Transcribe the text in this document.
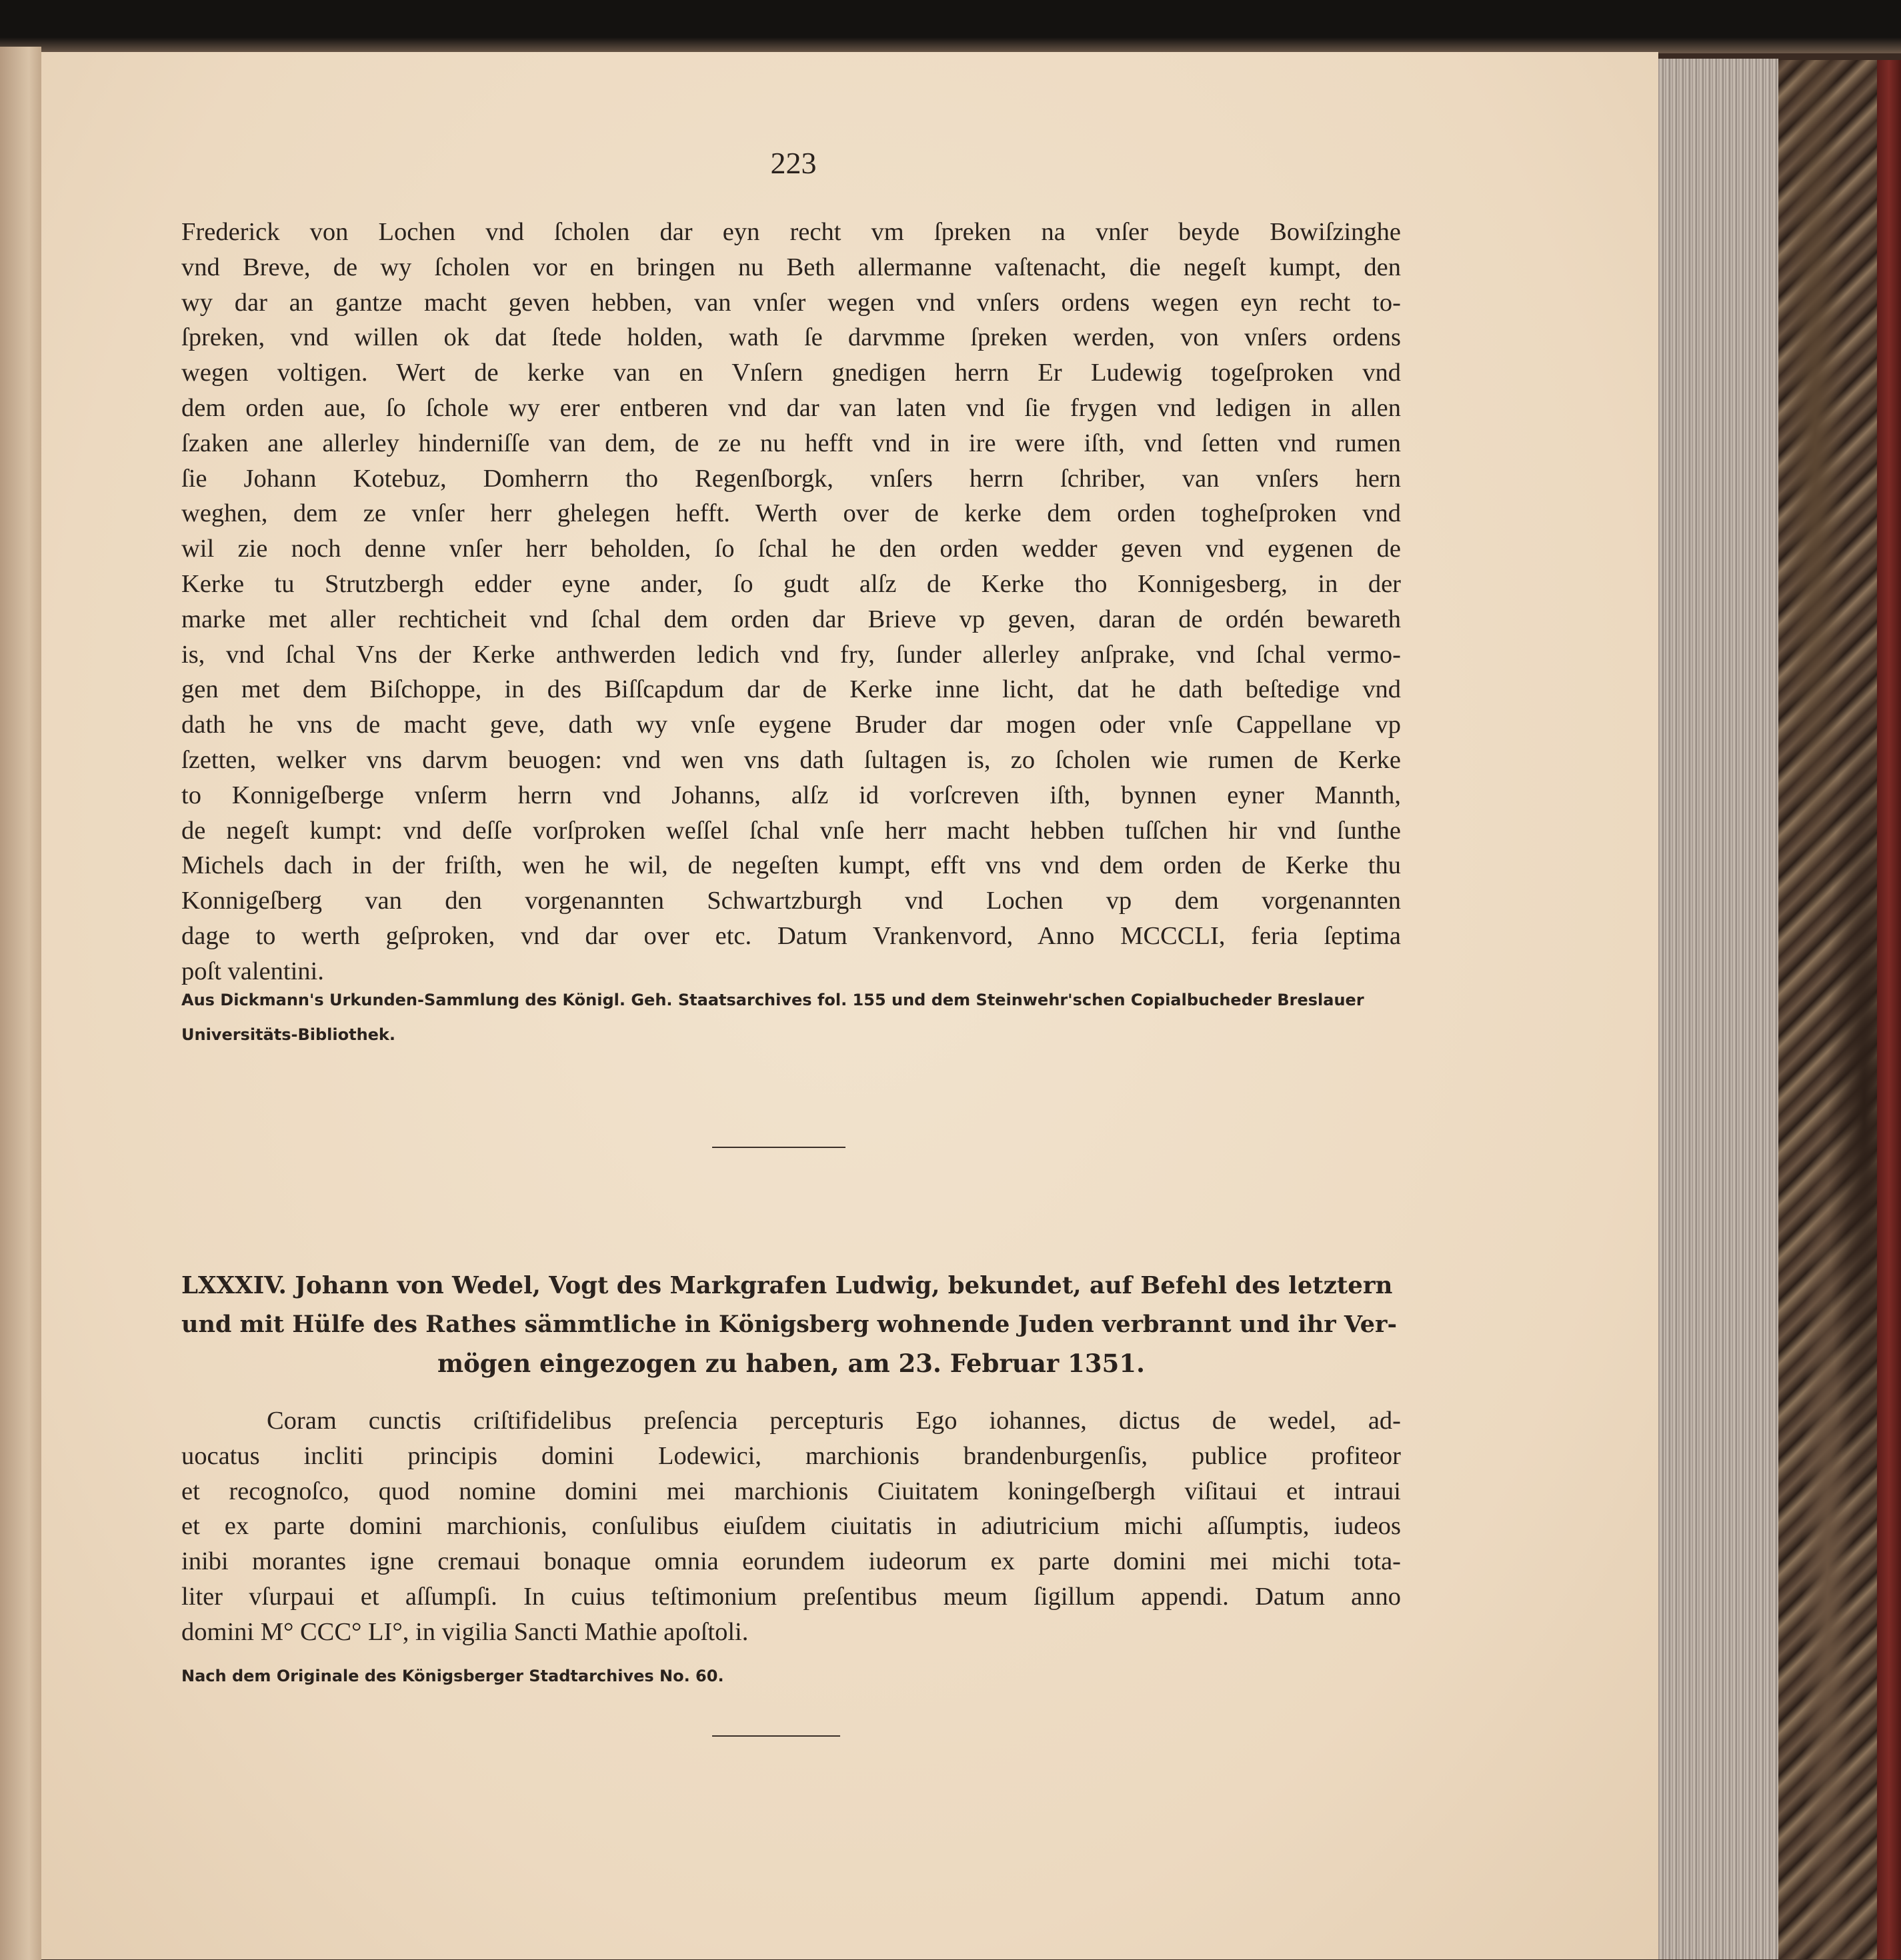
223
Frederick von Lochen vnd ſcholen dar eyn recht vm ſpreken na vnſer beyde Bowiſzinghe
vnd Breve, de wy ſcholen vor en bringen nu Beth allermanne vaſtenacht, die negeſt kumpt, den
wy dar an gantze macht geven hebben, van vnſer wegen vnd vnſers ordens wegen eyn recht to-
ſpreken, vnd willen ok dat ſtede holden, wath ſe darvmme ſpreken werden, von vnſers ordens
wegen voltigen. Wert de kerke van en Vnſern gnedigen herrn Er Ludewig togeſproken vnd
dem orden aue, ſo ſchole wy erer entberen vnd dar van laten vnd ſie frygen vnd ledigen in allen
ſzaken ane allerley hinderniſſe van dem, de ze nu hefft vnd in ire were iſth, vnd ſetten vnd rumen
ſie Johann Kotebuz, Domherrn tho Regenſborgk, vnſers herrn ſchriber, van vnſers hern
weghen, dem ze vnſer herr ghelegen hefft. Werth over de kerke dem orden togheſproken vnd
wil zie noch denne vnſer herr beholden, ſo ſchal he den orden wedder geven vnd eygenen de
Kerke tu Strutzbergh edder eyne ander, ſo gudt alſz de Kerke tho Konnigesberg, in der
marke met aller rechticheit vnd ſchal dem orden dar Brieve vp geven, daran de ordén bewareth
is, vnd ſchal Vns der Kerke anthwerden ledich vnd fry, ſunder allerley anſprake, vnd ſchal vermo-
gen met dem Biſchoppe, in des Biſſcapdum dar de Kerke inne licht, dat he dath beſtedige vnd
dath he vns de macht geve, dath wy vnſe eygene Bruder dar mogen oder vnſe Cappellane vp
ſzetten, welker vns darvm beuogen: vnd wen vns dath ſultagen is, zo ſcholen wie rumen de Kerke
to Konnigeſberge vnſerm herrn vnd Johanns, alſz id vorſcreven iſth, bynnen eyner Mannth,
de negeſt kumpt: vnd deſſe vorſproken weſſel ſchal vnſe herr macht hebben tuſſchen hir vnd ſunthe
Michels dach in der friſth, wen he wil, de negeſten kumpt, efft vns vnd dem orden de Kerke thu
Konnigeſberg van den vorgenannten Schwartzburgh vnd Lochen vp dem vorgenannten
dage to werth geſproken, vnd dar over etc. Datum Vrankenvord, Anno MCCCLI, feria ſeptima
poſt valentini.
Aus Dickmann's Urkunden-Sammlung des Königl. Geh. Staatsarchives fol. 155 und dem Steinwehr'schen Copialbucheder Breslauer Universitäts-Bibliothek.
LXXXIV. Johann von Wedel, Vogt des Markgrafen Ludwig, bekundet, auf Befehl des letztern
und mit Hülfe des Rathes sämmtliche in Königsberg wohnende Juden verbrannt und ihr Ver-
mögen eingezogen zu haben, am 23. Februar 1351.
Coram cunctis criſtifidelibus preſencia percepturis Ego iohannes, dictus de wedel, ad-
uocatus incliti principis domini Lodewici, marchionis brandenburgenſis, publice profiteor
et recognoſco, quod nomine domini mei marchionis Ciuitatem koningeſbergh viſitaui et intraui
et ex parte domini marchionis, conſulibus eiuſdem ciuitatis in adiutricium michi aſſumptis, iudeos
inibi morantes igne cremaui bonaque omnia eorundem iudeorum ex parte domini mei michi tota-
liter vſurpaui et aſſumpſi. In cuius teſtimonium preſentibus meum ſigillum appendi. Datum anno
domini M° CCC° LI°, in vigilia Sancti Mathie apoſtoli.
Nach dem Originale des Königsberger Stadtarchives No. 60.
